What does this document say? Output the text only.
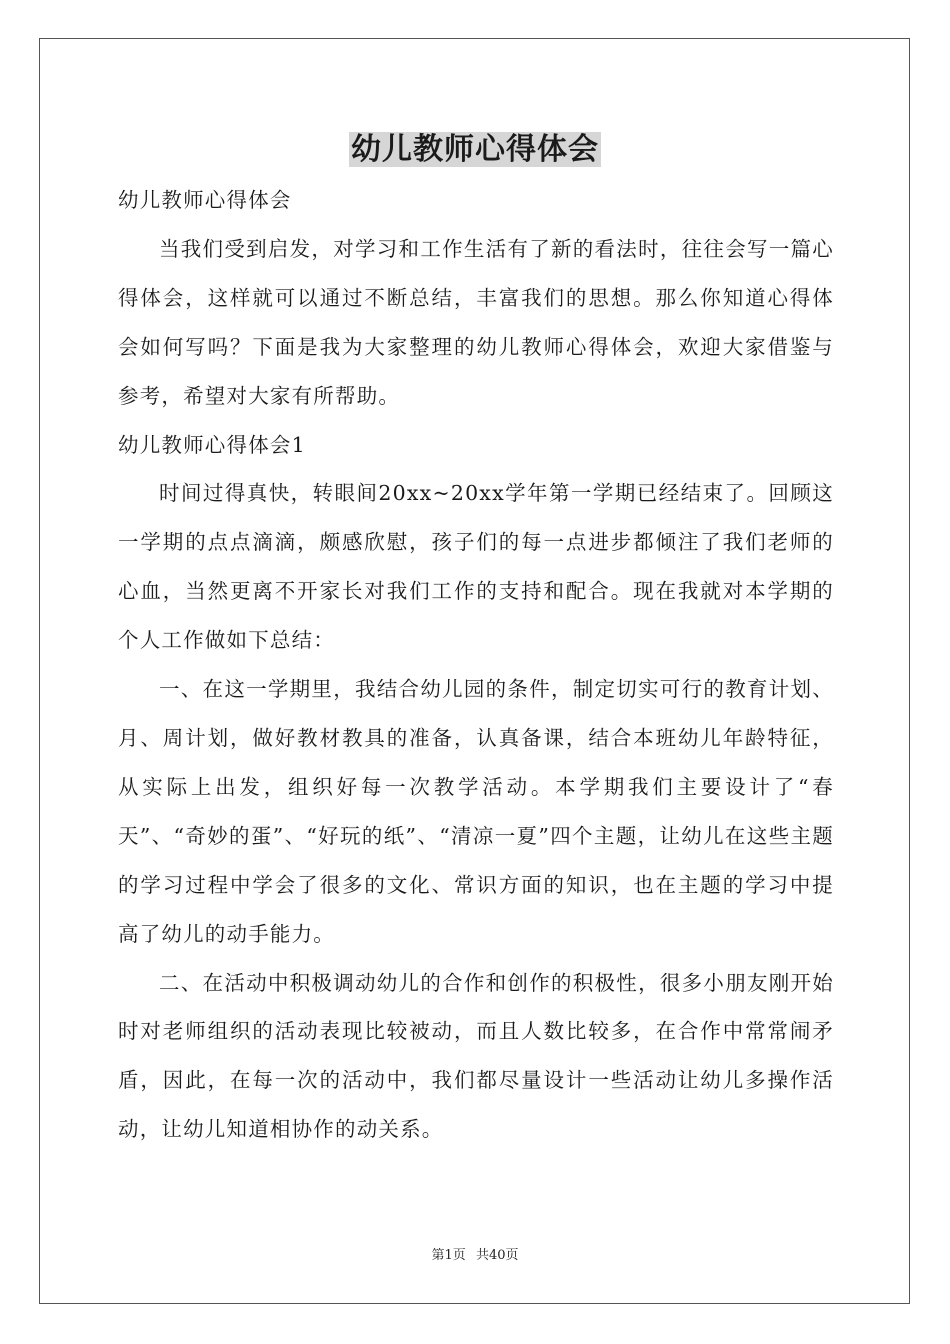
幼儿教师心得体会

幼儿教师心得体会

当我们受到启发，对学习和工作生活有了新的看法时，往往会写一篇心得体会，这样就可以通过不断总结，丰富我们的思想。那么你知道心得体会如何写吗？下面是我为大家整理的幼儿教师心得体会，欢迎大家借鉴与参考，希望对大家有所帮助。

幼儿教师心得体会1

时间过得真快，转眼间20xx~20xx学年第一学期已经结束了。回顾这一学期的点点滴滴，颇感欣慰，孩子们的每一点进步都倾注了我们老师的心血，当然更离不开家长对我们工作的支持和配合。现在我就对本学期的个人工作做如下总结：

一、在这一学期里，我结合幼儿园的条件，制定切实可行的教育计划、月、周计划，做好教材教具的准备，认真备课，结合本班幼儿年龄特征，从实际上出发，组织好每一次教学活动。本学期我们主要设计了“春天”、“奇妙的蛋”、“好玩的纸”、“清凉一夏”四个主题，让幼儿在这些主题的学习过程中学会了很多的文化、常识方面的知识，也在主题的学习中提高了幼儿的动手能力。

二、在活动中积极调动幼儿的合作和创作的积极性，很多小朋友刚开始时对老师组织的活动表现比较被动，而且人数比较多，在合作中常常闹矛盾，因此，在每一次的活动中，我们都尽量设计一些活动让幼儿多操作活动，让幼儿知道相协作的动关系。

第1页 共40页
